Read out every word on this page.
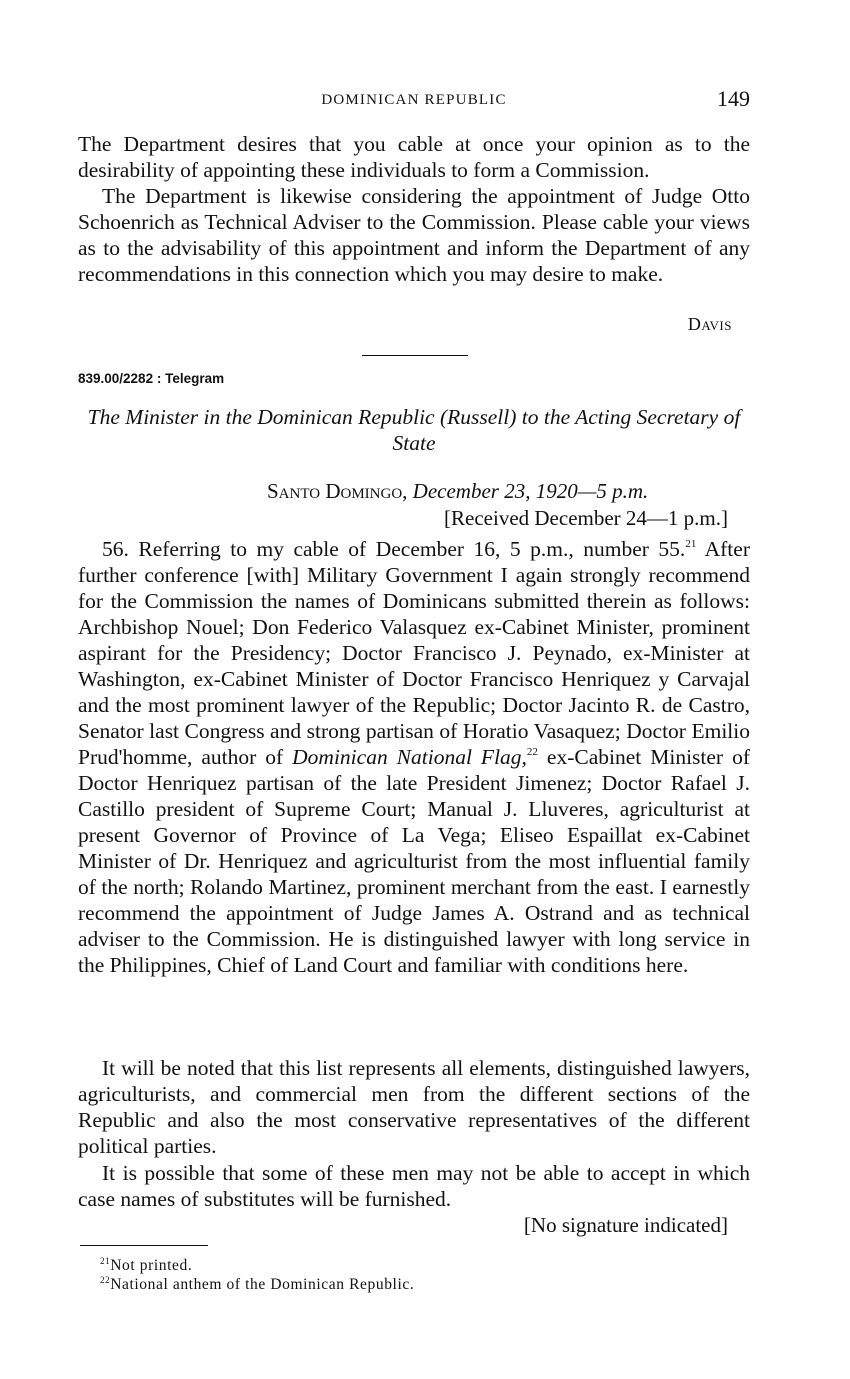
DOMINICAN REPUBLIC	149

The Department desires that you cable at once your opinion as to the desirability of appointing these individuals to form a Commission.

The Department is likewise considering the appointment of Judge Otto Schoenrich as Technical Adviser to the Commission. Please cable your views as to the advisability of this appointment and inform the Department of any recommendations in this connection which you may desire to make.

Davis
839.00/2282 : Telegram
The Minister in the Dominican Republic (Russell) to the Acting Secretary of State
Santo Domingo, December 23, 1920—5 p.m.
[Received December 24—1 p.m.]

56. Referring to my cable of December 16, 5 p.m., number 55.21 After further conference [with] Military Government I again strongly recommend for the Commission the names of Dominicans submitted therein as follows: Archbishop Nouel; Don Federico Valasquez ex-Cabinet Minister, prominent aspirant for the Presidency; Doctor Francisco J. Peynado, ex-Minister at Washington, ex-Cabinet Minister of Doctor Francisco Henriquez y Carvajal and the most prominent lawyer of the Republic; Doctor Jacinto R. de Castro, Senator last Congress and strong partisan of Horatio Vasaquez; Doctor Emilio Prud'homme, author of Dominican National Flag,$^{22}$ ex-Cabinet Minister of Doctor Henriquez partisan of the late President Jimenez; Doctor Rafael J. Castillo president of Supreme Court; Manual J. Lluveres, agriculturist at present Governor of Province of La Vega; Eliseo Espaillat ex-Cabinet Minister of Dr. Henriquez and agriculturist from the most influential family of the north; Rolando Martinez, prominent merchant from the east. I earnestly recommend the appointment of Judge James A. Ostrand and as technical adviser to the Commission. He is distinguished lawyer with long service in the Philippines, Chief of Land Court and familiar with conditions here.

It will be noted that this list represents all elements, distinguished lawyers, agriculturists, and commercial men from the different sections of the Republic and also the most conservative representatives of the different political parties.

It is possible that some of these men may not be able to accept in which case names of substitutes will be furnished.

[No signature indicated]
$^{21}$Not printed.
$^{22}$National anthem of the Dominican Republic.
